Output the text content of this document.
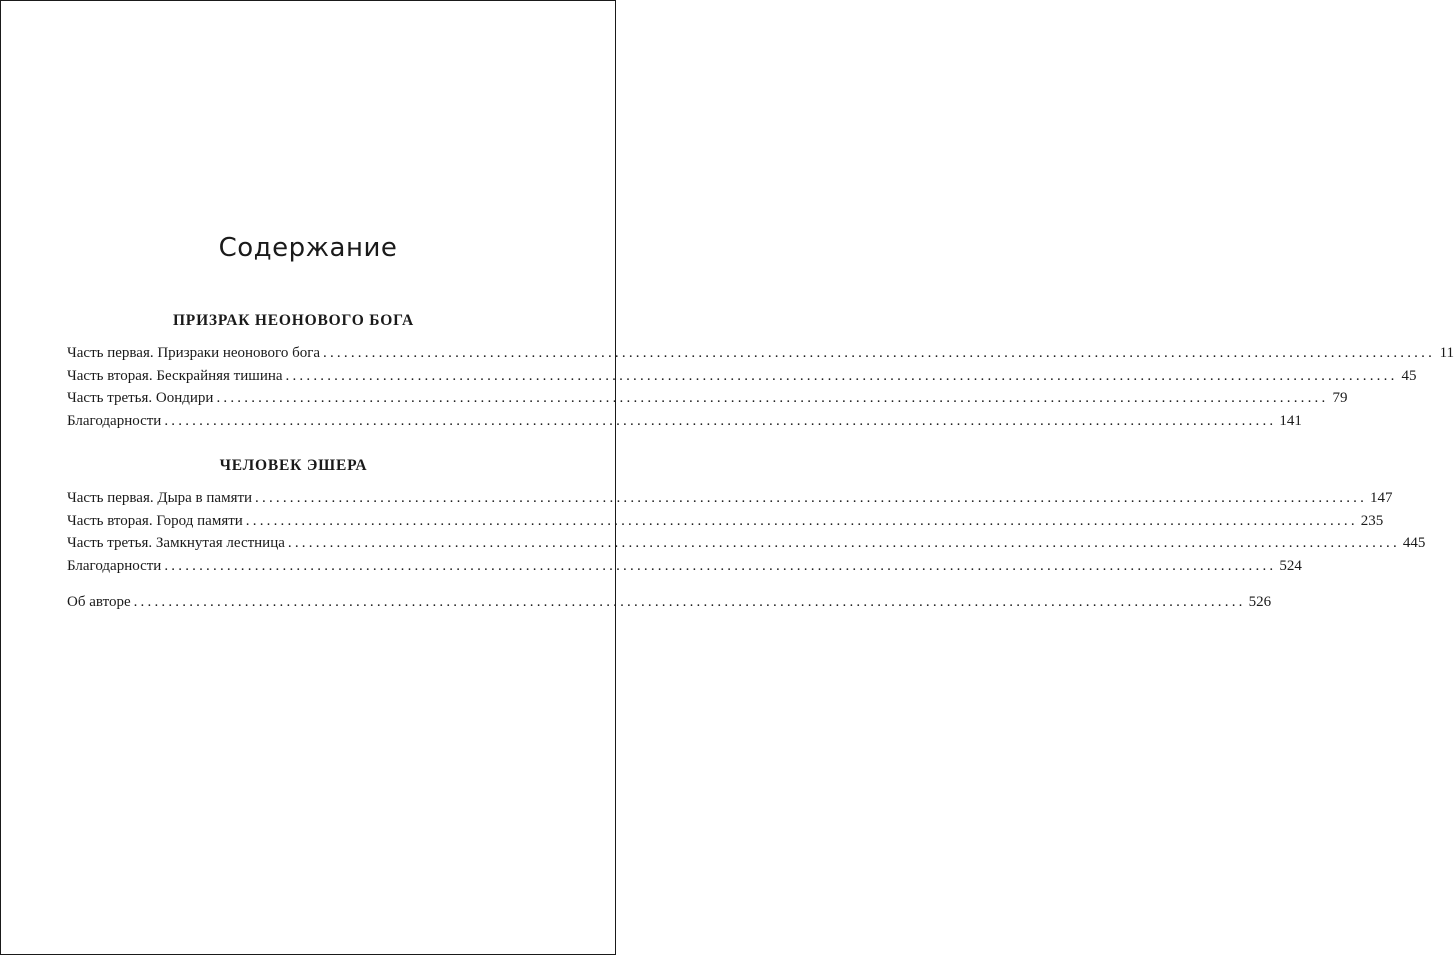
Содержание
ПРИЗРАК НЕОНОВОГО БОГА
Часть первая. Призраки неонового бога ................................................................................................................................................................ 11
Часть вторая. Бескрайняя тишина ................................................................................................................................................................ 45
Часть третья. Оондири ................................................................................................................................................................ 79
Благодарности ................................................................................................................................................................ 141
ЧЕЛОВЕК ЭШЕРА
Часть первая. Дыра в памяти ................................................................................................................................................................ 147
Часть вторая. Город памяти ................................................................................................................................................................ 235
Часть третья. Замкнутая лестница ................................................................................................................................................................ 445
Благодарности ................................................................................................................................................................ 524
Об авторе ................................................................................................................................................................ 526
